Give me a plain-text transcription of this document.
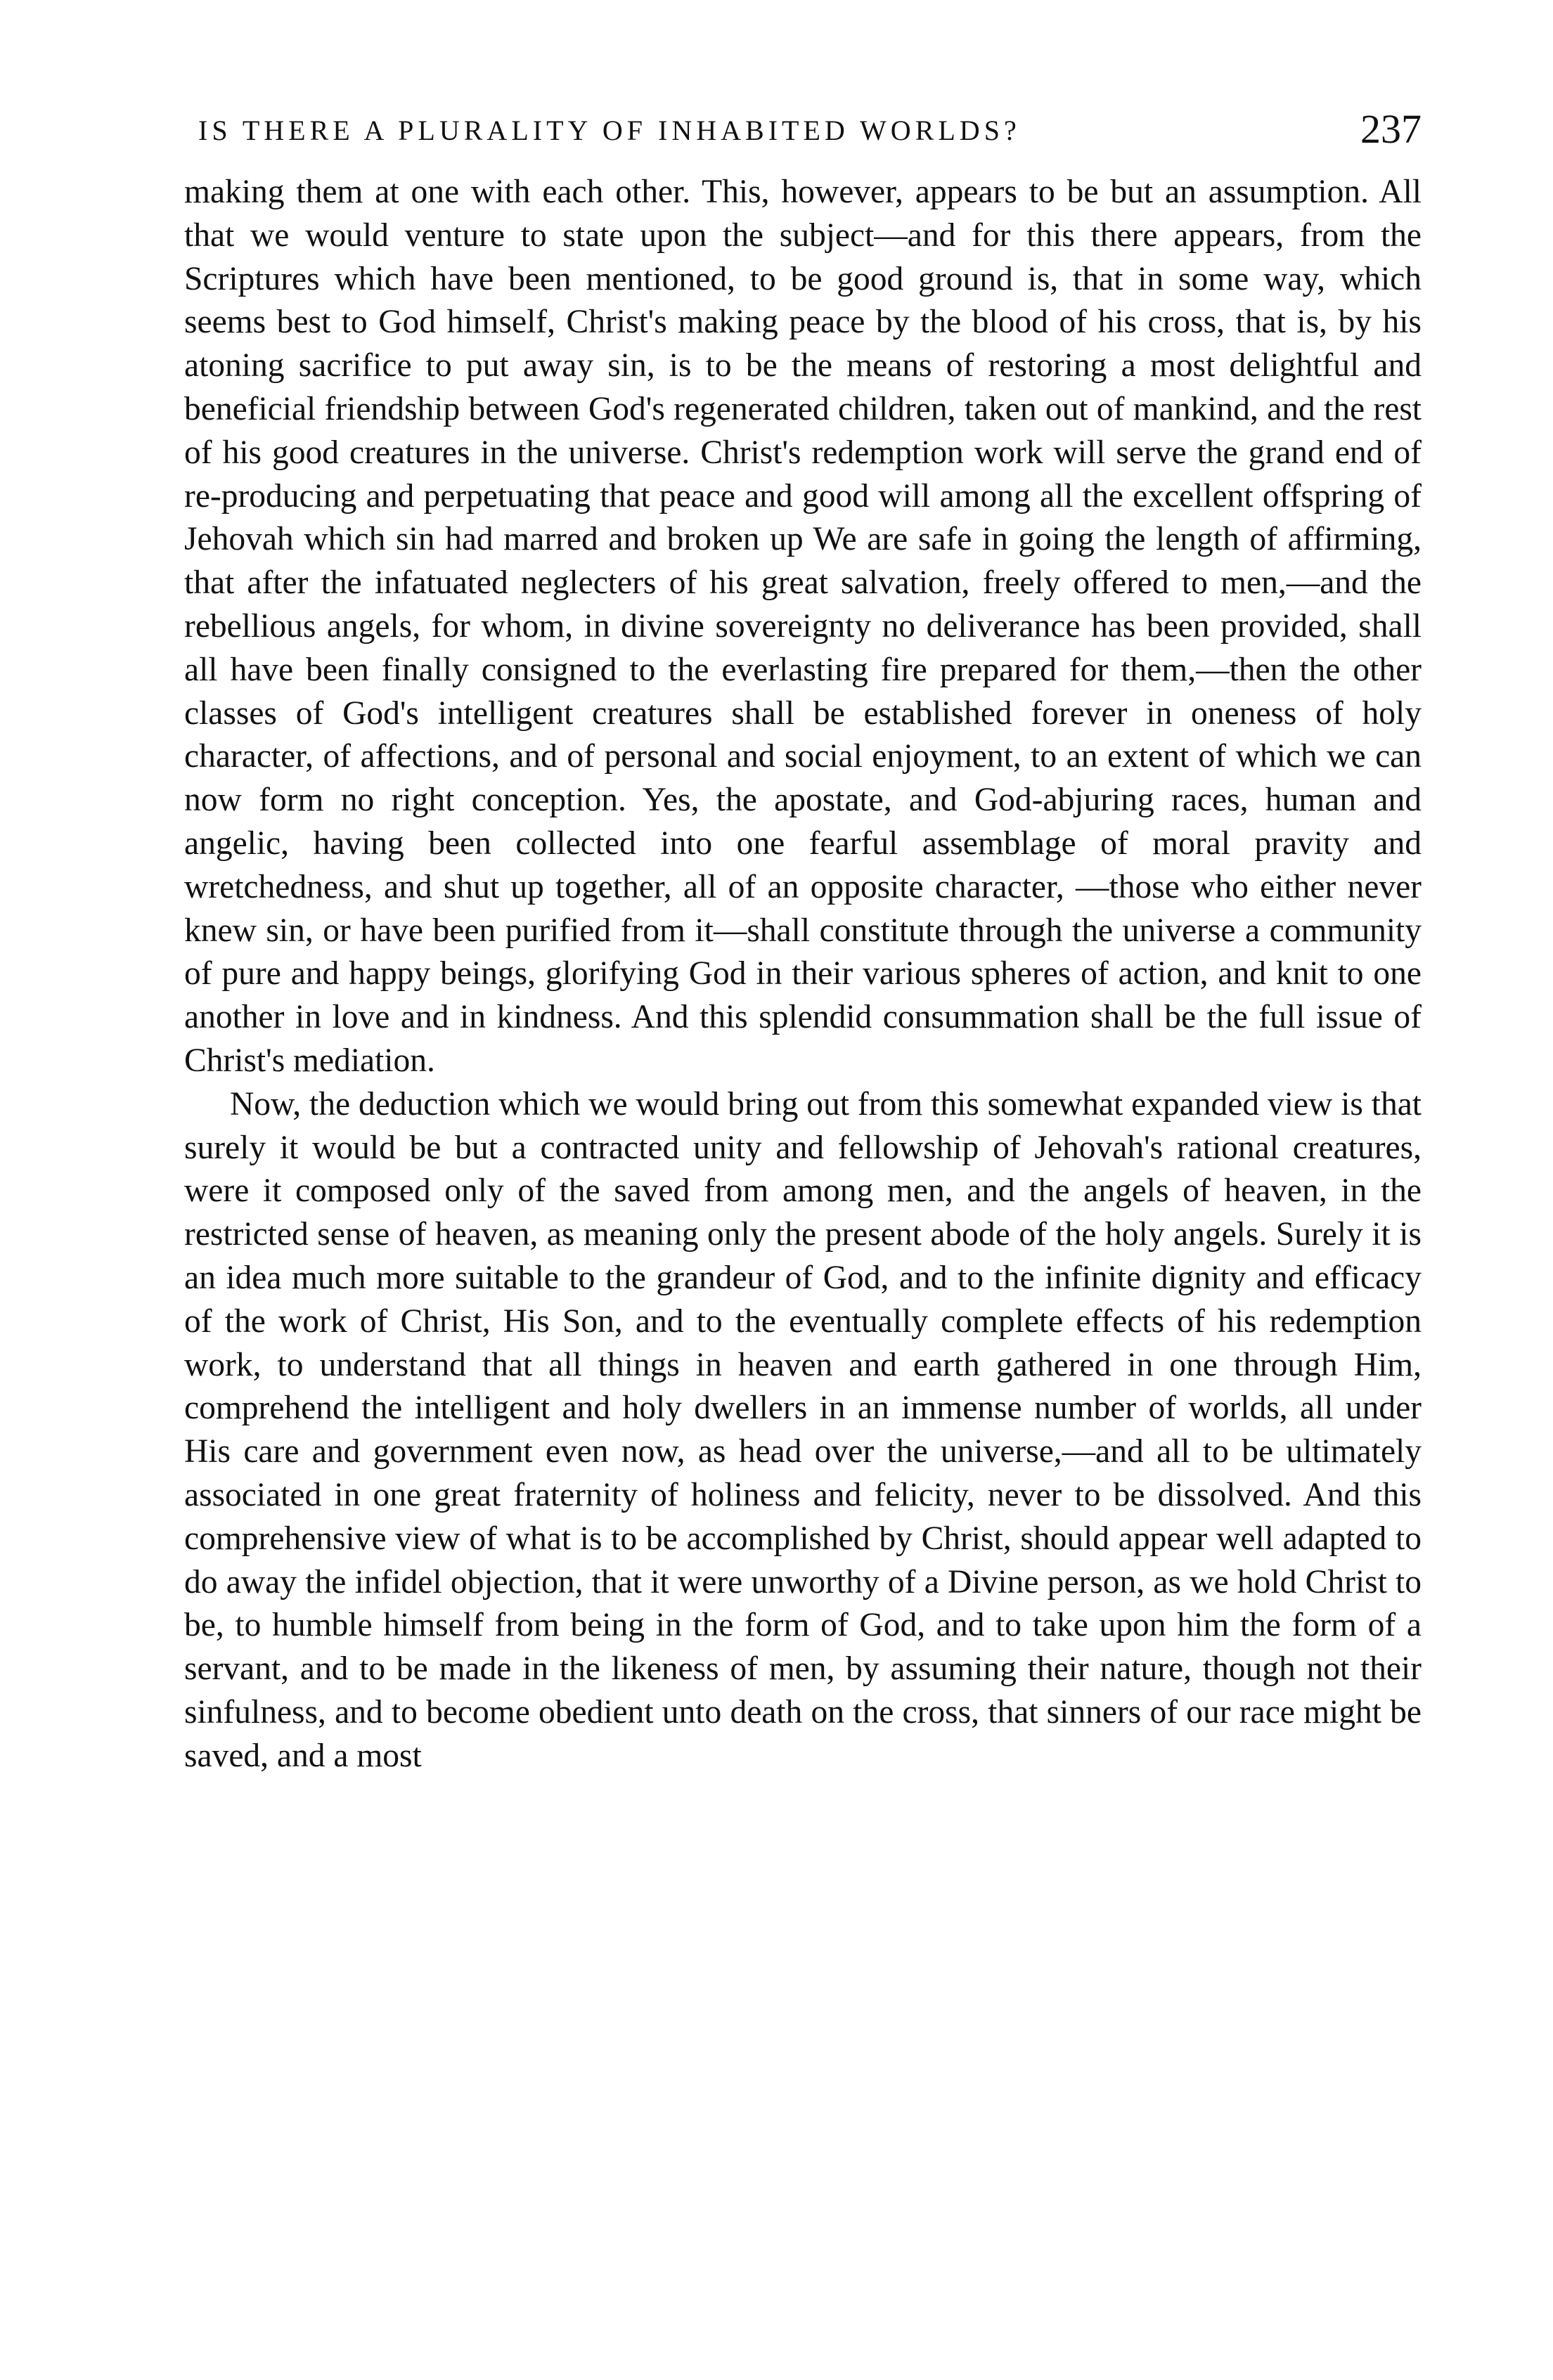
IS THERE A PLURALITY OF INHABITED WORLDS?	237

making them at one with each other. This, however, appears to be but an assumption. All that we would venture to state upon the subject—and for this there appears, from the Scriptures which have been mentioned, to be good ground is, that in some way, which seems best to God himself, Christ's making peace by the blood of his cross, that is, by his atoning sacrifice to put away sin, is to be the means of restoring a most delightful and beneficial friendship between God's regenerated children, taken out of mankind, and the rest of his good creatures in the universe. Christ's redemption work will serve the grand end of re-producing and perpetuating that peace and good will among all the excellent offspring of Jehovah which sin had marred and broken up We are safe in going the length of affirming, that after the infatuated neglecters of his great salvation, freely offered to men,—and the rebellious angels, for whom, in divine sovereignty no deliverance has been provided, shall all have been finally consigned to the everlasting fire prepared for them,—then the other classes of God's intelligent creatures shall be established forever in oneness of holy character, of affections, and of personal and social enjoyment, to an extent of which we can now form no right conception. Yes, the apostate, and God-abjuring races, human and angelic, having been collected into one fearful assemblage of moral pravity and wretchedness, and shut up together, all of an opposite character, —those who either never knew sin, or have been purified from it—shall constitute through the universe a community of pure and happy beings, glorifying God in their various spheres of action, and knit to one another in love and in kindness. And this splendid consummation shall be the full issue of Christ's mediation.

Now, the deduction which we would bring out from this somewhat expanded view is that surely it would be but a contracted unity and fellowship of Jehovah's rational creatures, were it composed only of the saved from among men, and the angels of heaven, in the restricted sense of heaven, as meaning only the present abode of the holy angels. Surely it is an idea much more suitable to the grandeur of God, and to the infinite dignity and efficacy of the work of Christ, His Son, and to the eventually complete effects of his redemption work, to understand that all things in heaven and earth gathered in one through Him, comprehend the intelligent and holy dwellers in an immense number of worlds, all under His care and government even now, as head over the universe,—and all to be ultimately associated in one great fraternity of holiness and felicity, never to be dissolved. And this comprehensive view of what is to be accomplished by Christ, should appear well adapted to do away the infidel objection, that it were unworthy of a Divine person, as we hold Christ to be, to humble himself from being in the form of God, and to take upon him the form of a servant, and to be made in the likeness of men, by assuming their nature, though not their sinfulness, and to become obedient unto death on the cross, that sinners of our race might be saved, and a most
